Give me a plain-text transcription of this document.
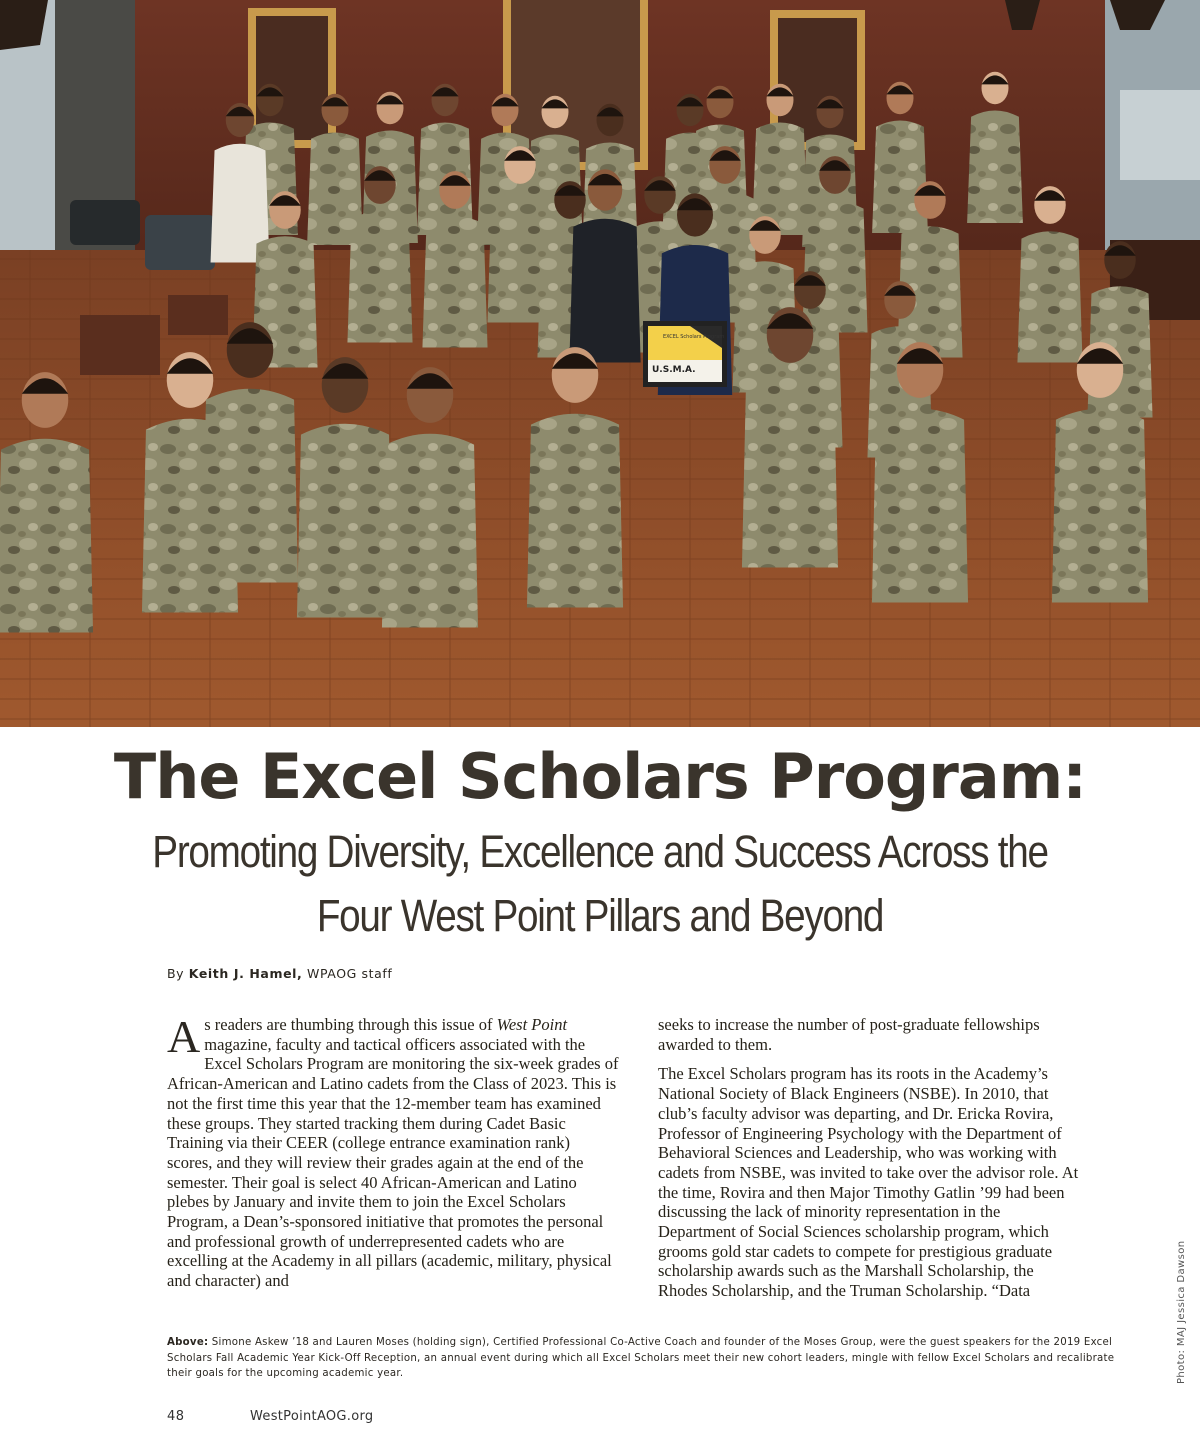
EXCEL Scholars Program
U.S.M.A.
The Excel Scholars Program:
Promoting Diversity, Excellence and Success Across the
Four West Point Pillars and Beyond
By Keith J. Hamel, WPAOG staff

As readers are thumbing through this issue of West Point magazine, faculty and tactical officers associated with the Excel Scholars Program are monitoring the six-week grades of African-American and Latino cadets from the Class of 2023. This is not the first time this year that the 12-member team has examined these groups. They started tracking them during Cadet Basic Training via their CEER (college entrance examination rank) scores, and they will review their grades again at the end of the semester. Their goal is select 40 African-American and Latino plebes by January and invite them to join the Excel Scholars Program, a Dean’s-sponsored initiative that promotes the personal and professional growth of underrepresented cadets who are excelling at the Academy in all pillars (academic, military, physical and character) and

seeks to increase the number of post-graduate fellowships awarded to them.

The Excel Scholars program has its roots in the Academy’s National Society of Black Engineers (NSBE). In 2010, that club’s faculty advisor was departing, and Dr. Ericka Rovira, Professor of Engineering Psychology with the Department of Behavioral Sciences and Leadership, who was working with cadets from NSBE, was invited to take over the advisor role. At the time, Rovira and then Major Timothy Gatlin ’99 had been discussing the lack of minority representation in the Department of Social Sciences scholarship program, which grooms gold star cadets to compete for prestigious graduate scholarship awards such as the Marshall Scholarship, the Rhodes Scholarship, and the Truman Scholarship. “Data

Above: Simone Askew ’18 and Lauren Moses (holding sign), Certified Professional Co-Active Coach and founder of the Moses Group, were the guest speakers for the 2019 Excel Scholars Fall Academic Year Kick-Off Reception, an annual event during which all Excel Scholars meet their new cohort leaders, mingle with fellow Excel Scholars and recalibrate their goals for the upcoming academic year.	Photo: MAJ Jessica Dawson
48	WestPointAOG.org
